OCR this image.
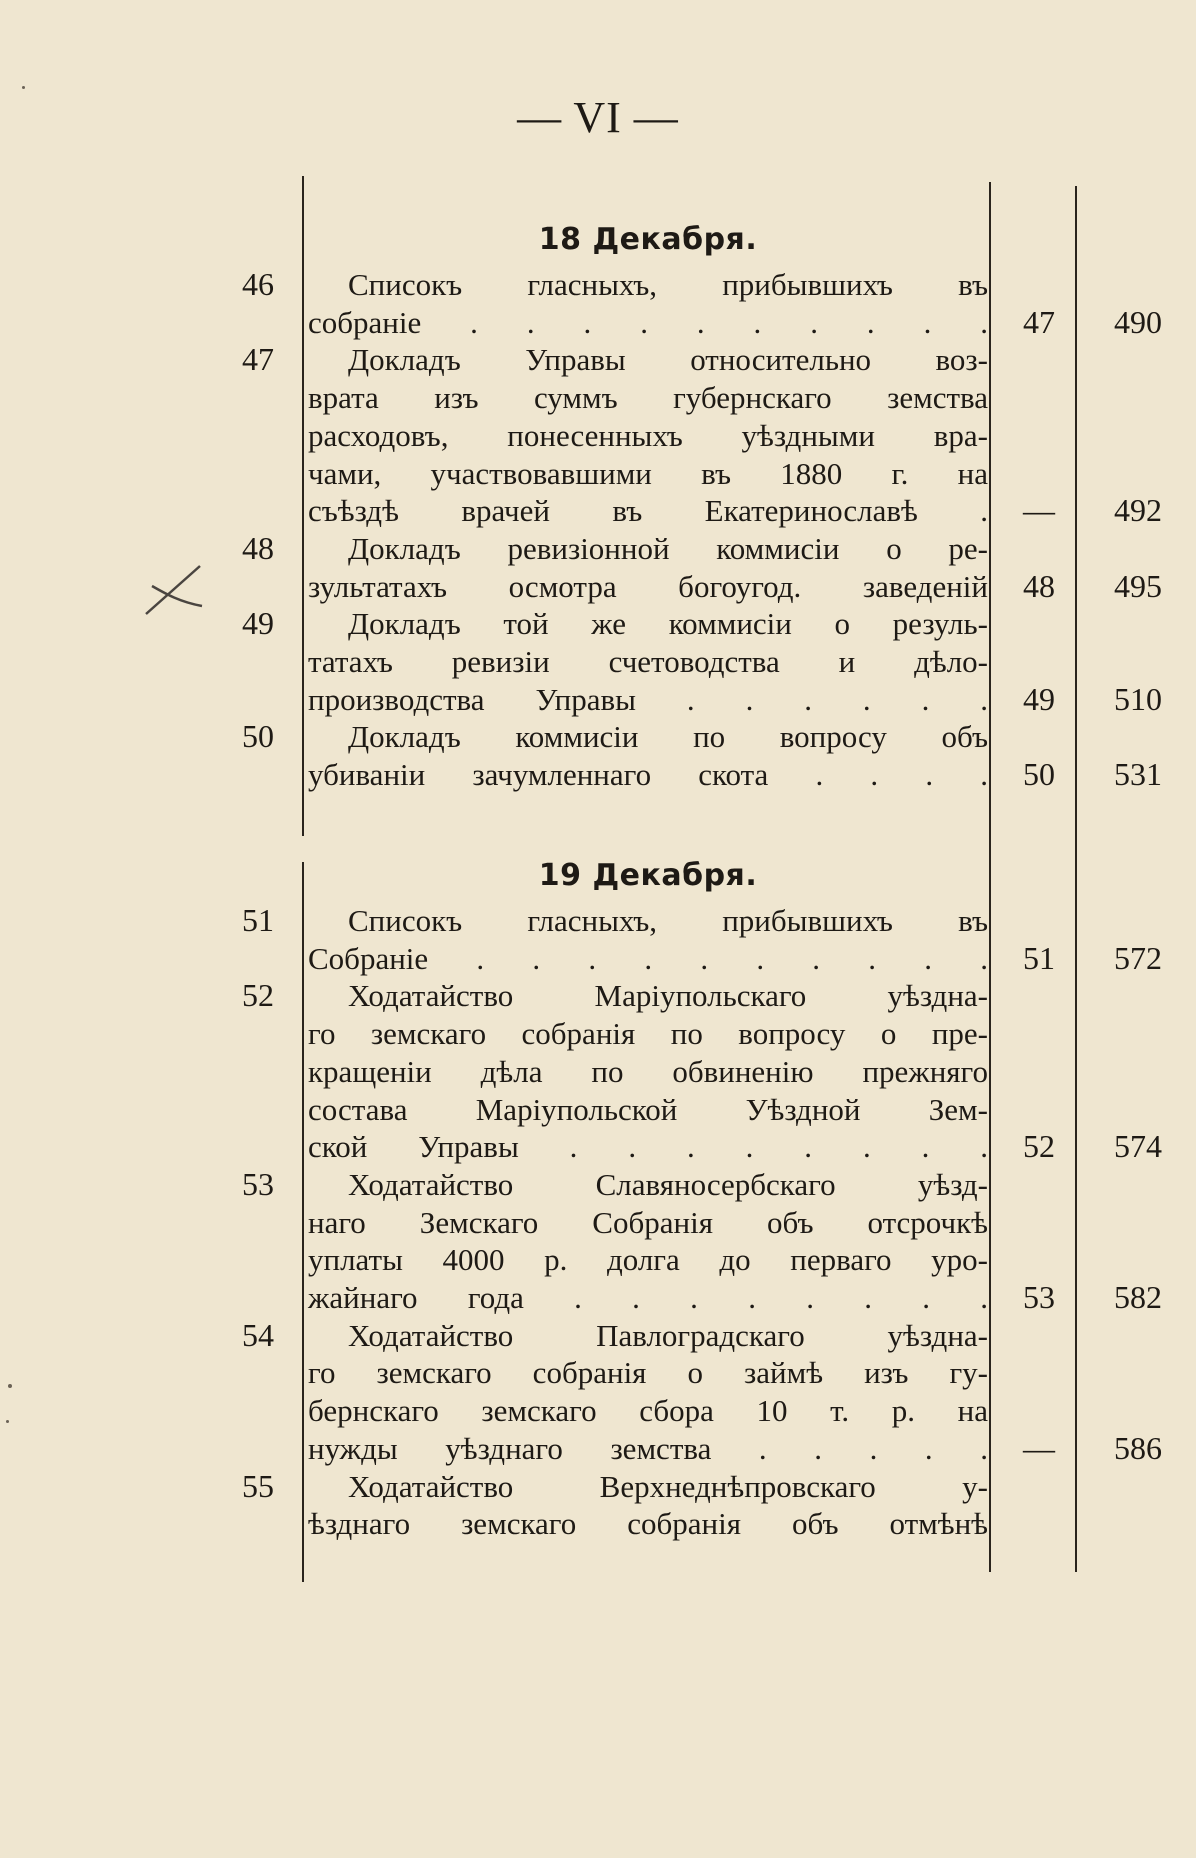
— VI —
18 Декабря.
46 Списокъ гласныхъ, прибывшихъ въ
собраніе . . . . . . . . . .	47	490
47 Докладъ Управы относительно воз-
врата изъ суммъ губернскаго земства
расходовъ, понесенныхъ уѣздными вра-
чами, участвовавшими въ 1880 г. на
съѣздѣ врачей въ Екатеринославѣ .	—	492
48 Докладъ ревизіонной коммисіи о ре-
зультатахъ осмотра богоугод. заведеній	48	495
49 Докладъ той же коммисіи о резуль-
татахъ ревизіи счетоводства и дѣло-
производства Управы . . . . . .	49	510
50 Докладъ коммисіи по вопросу объ
убиваніи зачумленнаго скота . . . .	50	531
19 Декабря.
51 Списокъ гласныхъ, прибывшихъ въ
Собраніе . . . . . . . . . .	51	572
52 Ходатайство Маріупольскаго уѣздна-
го земскаго собранія по вопросу о пре-
кращеніи дѣла по обвиненію прежняго
состава Маріупольской Уѣздной Зем-
ской Управы . . . . . . . .	52	574
53 Ходатайство Славяносербскаго уѣзд-
наго Земскаго Собранія объ отсрочкѣ
уплаты 4000 р. долга до перваго уро-
жайнаго года . . . . . . . .	53	582
54 Ходатайство Павлоградскаго уѣздна-
го земскаго собранія о займѣ изъ гу-
бернскаго земскаго сбора 10 т. р. на
нужды уѣзднаго земства . . . . .	—	586
55 Ходатайство Верхнеднѣпровскаго у-
ѣзднаго земскаго собранія объ отмѣнѣ
